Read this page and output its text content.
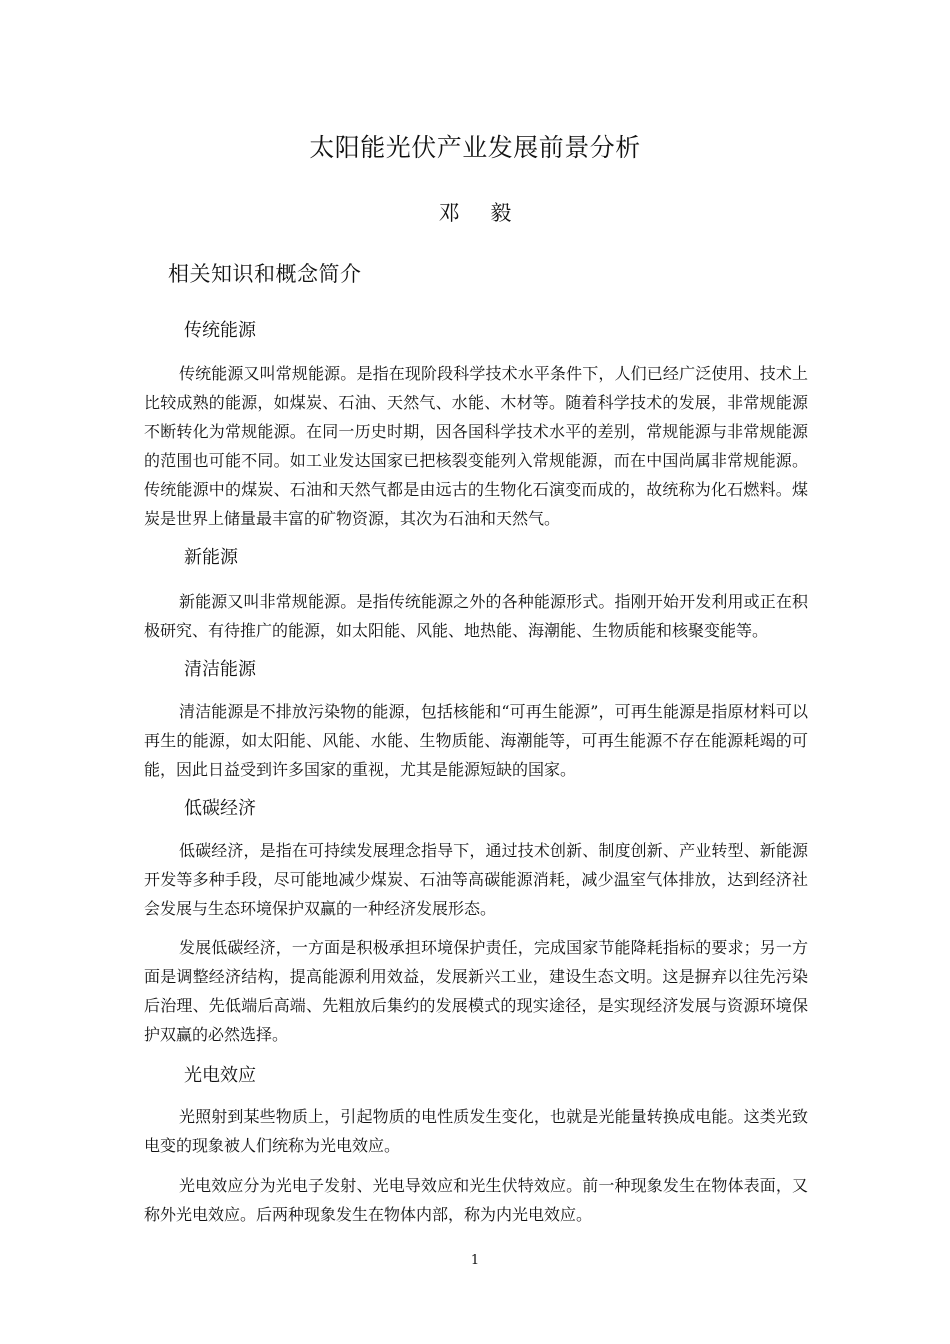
太阳能光伏产业发展前景分析
邓 毅
相关知识和概念简介
传统能源
传统能源又叫常规能源。是指在现阶段科学技术水平条件下，人们已经广泛使用、技术上比较成熟的能源，如煤炭、石油、天然气、水能、木材等。随着科学技术的发展，非常规能源不断转化为常规能源。在同一历史时期，因各国科学技术水平的差别，常规能源与非常规能源的范围也可能不同。如工业发达国家已把核裂变能列入常规能源，而在中国尚属非常规能源。传统能源中的煤炭、石油和天然气都是由远古的生物化石演变而成的，故统称为化石燃料。煤炭是世界上储量最丰富的矿物资源，其次为石油和天然气。
新能源
新能源又叫非常规能源。是指传统能源之外的各种能源形式。指刚开始开发利用或正在积极研究、有待推广的能源，如太阳能、风能、地热能、海潮能、生物质能和核聚变能等。
清洁能源
清洁能源是不排放污染物的能源，包括核能和“可再生能源”，可再生能源是指原材料可以再生的能源，如太阳能、风能、水能、生物质能、海潮能等，可再生能源不存在能源耗竭的可能，因此日益受到许多国家的重视，尤其是能源短缺的国家。
低碳经济
低碳经济，是指在可持续发展理念指导下，通过技术创新、制度创新、产业转型、新能源开发等多种手段，尽可能地减少煤炭、石油等高碳能源消耗，减少温室气体排放，达到经济社会发展与生态环境保护双赢的一种经济发展形态。
发展低碳经济，一方面是积极承担环境保护责任，完成国家节能降耗指标的要求；另一方面是调整经济结构，提高能源利用效益，发展新兴工业，建设生态文明。这是摒弃以往先污染后治理、先低端后高端、先粗放后集约的发展模式的现实途径，是实现经济发展与资源环境保护双赢的必然选择。
光电效应
光照射到某些物质上，引起物质的电性质发生变化，也就是光能量转换成电能。这类光致电变的现象被人们统称为光电效应。
光电效应分为光电子发射、光电导效应和光生伏特效应。前一种现象发生在物体表面，又称外光电效应。后两种现象发生在物体内部，称为内光电效应。
1
